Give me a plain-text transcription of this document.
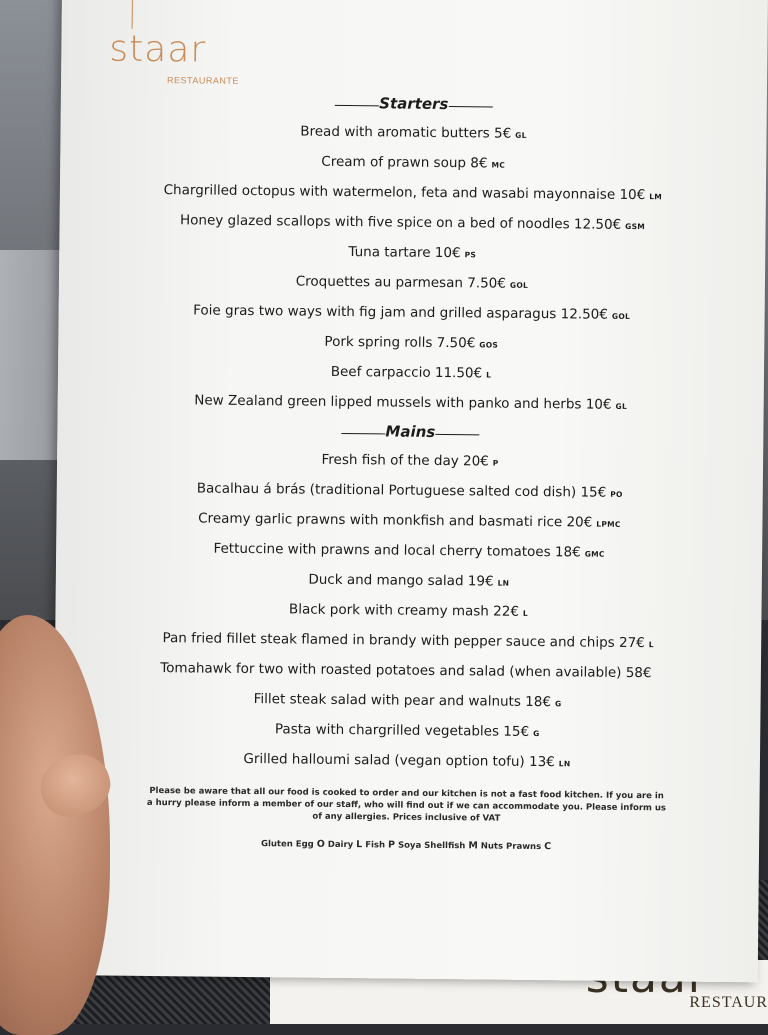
RESTAUR
staar
RESTAURANTE
Starters
Bread with aromatic butters 5€ GL
Cream of prawn soup 8€ MC
Chargrilled octopus with watermelon, feta and wasabi mayonnaise 10€ LM
Honey glazed scallops with five spice on a bed of noodles 12.50€ GSM
Tuna tartare 10€ PS
Croquettes au parmesan 7.50€ GOL
Foie gras two ways with fig jam and grilled asparagus 12.50€ GOL
Pork spring rolls 7.50€ GOS
Beef carpaccio 11.50€ L
New Zealand green lipped mussels with panko and herbs 10€ GL
Mains
Fresh fish of the day 20€ P
Bacalhau á brás (traditional Portuguese salted cod dish) 15€ PO
Creamy garlic prawns with monkfish and basmati rice 20€ LPMC
Fettuccine with prawns and local cherry tomatoes 18€ GMC
Duck and mango salad 19€ LN
Black pork with creamy mash 22€ L
Pan fried fillet steak flamed in brandy with pepper sauce and chips 27€ L
Tomahawk for two with roasted potatoes and salad (when available) 58€
Fillet steak salad with pear and walnuts 18€ G
Pasta with chargrilled vegetables 15€ G
Grilled halloumi salad (vegan option tofu) 13€ LN
Please be aware that all our food is cooked to order and our kitchen is not a fast food kitchen. If you are in a hurry please inform a member of our staff, who will find out if we can accommodate you. Please inform us of any allergies. Prices inclusive of VAT
Gluten Egg O Dairy L Fish P Soya Shellfish M Nuts Prawns C
